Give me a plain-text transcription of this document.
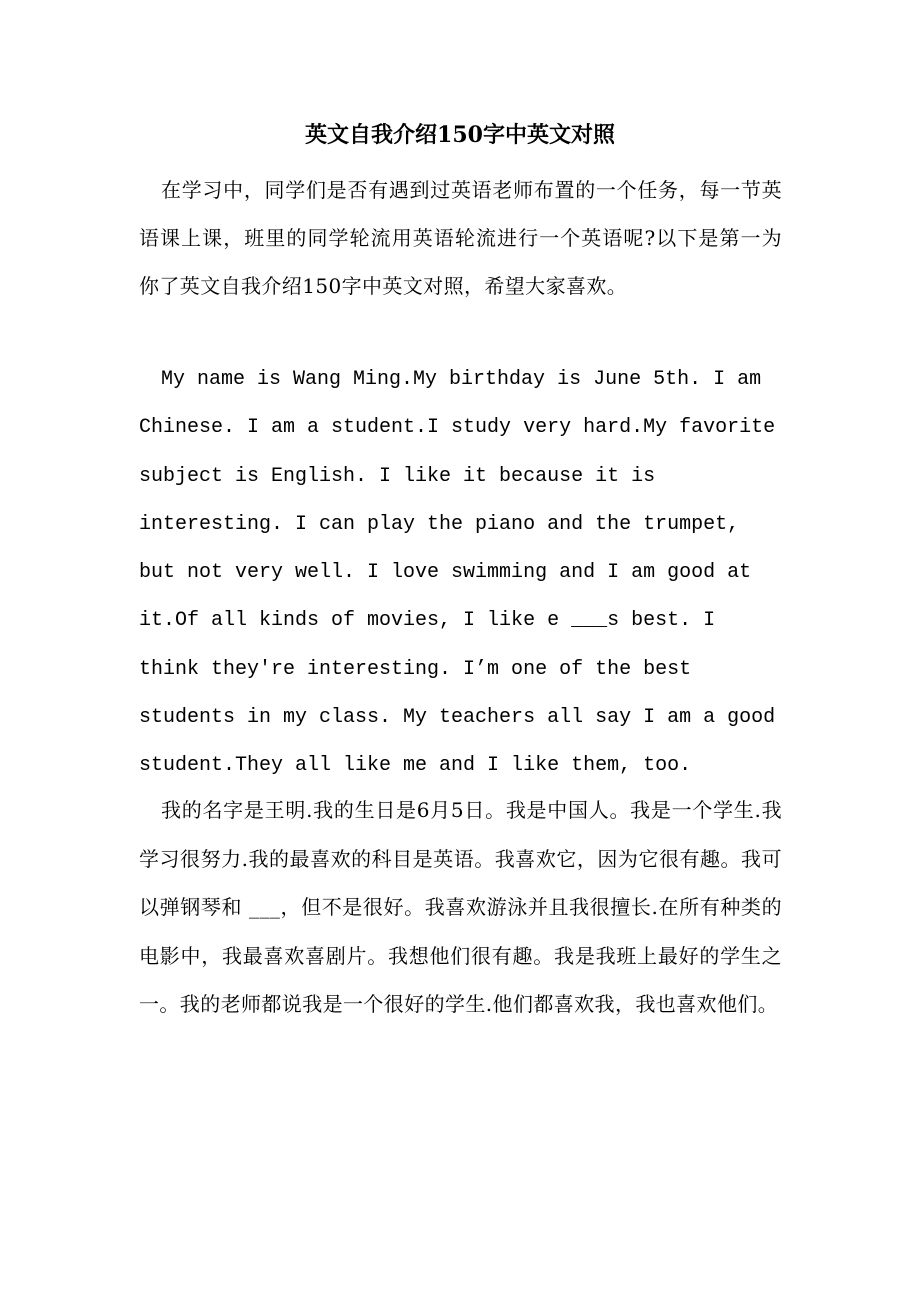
英文自我介绍150字中英文对照

在学习中，同学们是否有遇到过英语老师布置的一个任务，每一节英语课上课，班里的同学轮流用英语轮流进行一个英语呢?以下是第一为你了英文自我介绍150字中英文对照，希望大家喜欢。

My name is Wang Ming.My birthday is June 5th. I am Chinese. I am a student.I study very hard.My favorite subject is English. I like it because it is interesting. I can play the piano and the trumpet, but not very well. I love swimming and I am good at it.Of all kinds of movies, I like e ___s best. I think they're interesting. I’m one of the best students in my class. My teachers all say I am a good student.They all like me and I like them, too.

我的名字是王明.我的生日是6月5日。我是中国人。我是一个学生.我学习很努力.我的最喜欢的科目是英语。我喜欢它，因为它很有趣。我可以弹钢琴和 ___，但不是很好。我喜欢游泳并且我很擅长.在所有种类的电影中，我最喜欢喜剧片。我想他们很有趣。我是我班上最好的学生之一。我的老师都说我是一个很好的学生.他们都喜欢我，我也喜欢他们。
